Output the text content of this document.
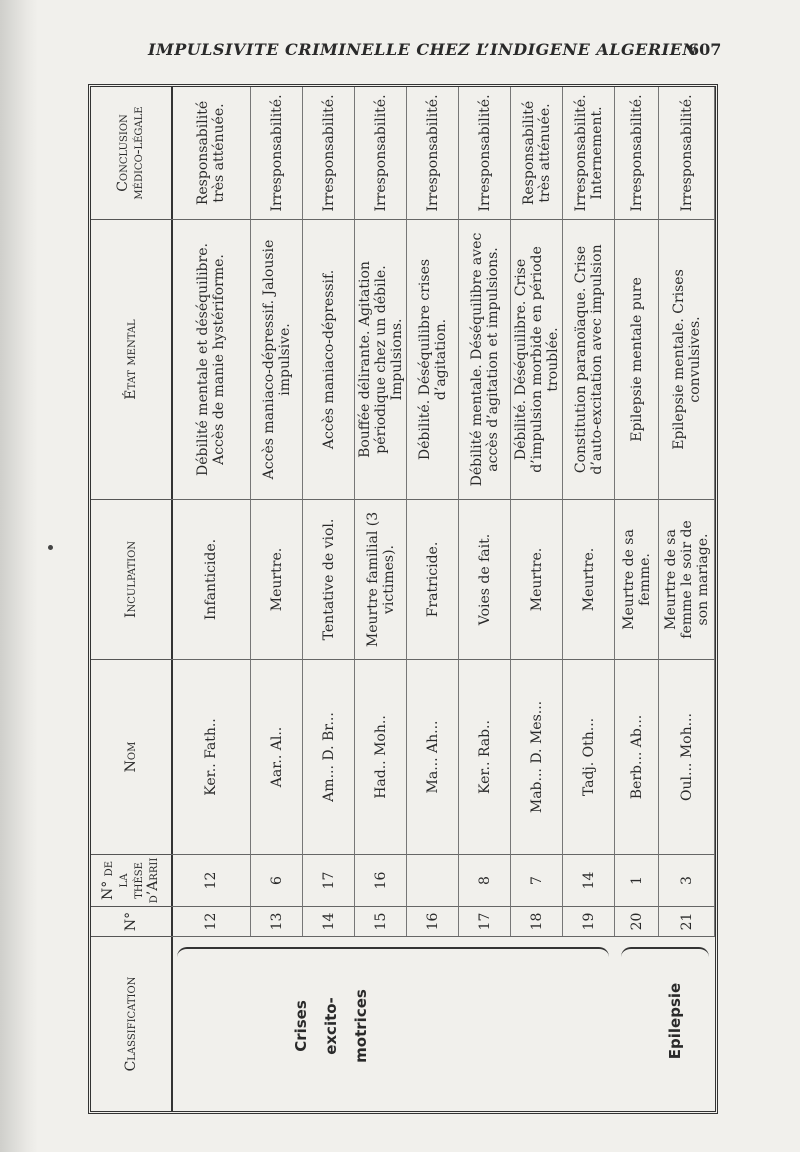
IMPULSIVITE CRIMINELLE CHEZ L’INDIGENE ALGERIEN
607
Classification
N°
N° de la thèse d’Arrii
Nom
Inculpation
État mental
Conclusion médico-légale
12
12
Ker.. Fath..
Infanticide.
Débilité mentale et déséquilibre. Accès de manie hystériforme.
Responsabilité très atténuée.
13
6
Aar.. Al..
Meurtre.
Accès maniaco-dépressif. Jalousie impulsive.
Irresponsabilité.
14
17
Am... D. Br...
Tentative de viol.
Accès maniaco-dépressif.
Irresponsabilité.
15
16
Had.. Moh..
Meurtre familial (3 victimes).
Bouffée délirante. Agitation périodique chez un débile. Impulsions.
Irresponsabilité.
16
Ma... Ah...
Fratricide.
Débilité. Déséquilibre crises d’agitation.
Irresponsabilité.
17
8
Ker.. Rab..
Voies de fait.
Débilité mentale. Déséquilibre avec accès d’agitation et impulsions.
Irresponsabilité.
18
7
Mab... D. Mes...
Meurtre.
Débilité. Déséquilibre. Crise d’impulsion morbide en période troublée.
Responsabilité très atténuée.
19
14
Tadj. Oth...
Meurtre.
Constitution paranoïaque. Crise d’auto-excitation avec impulsion
Irresponsabilité. Internement.
20
1
Berb... Ab...
Meurtre de sa femme.
Epilepsie mentale pure
Irresponsabilité.
21
3
Oul... Moh...
Meurtre de sa femme le soir de son mariage.
Epilepsie mentale. Crises convulsives.
Irresponsabilité.
Crises excito- motrices	Epilepsie
